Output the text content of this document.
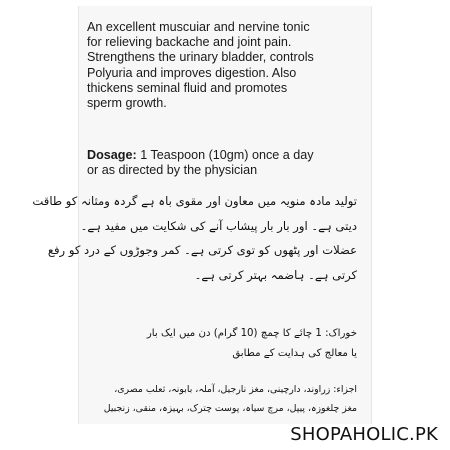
An excellent muscuiar and nervine tonic
for relieving backache and joint pain.
Strengthens the urinary bladder, controls
Polyuria and improves digestion. Also
thickens seminal fluid and promotes
sperm growth.

Dosage: 1 Teaspoon (10gm) once a day
or as directed by the physician

تولید مادہ منویہ میں معاون اور مقوی باہ ہے گردہ ومثانہ کو طاقت
دیتی ہے۔ اور بار بار پیشاب آنے کی شکایت میں مفید ہے۔
عضلات اور پٹھوں کو توی کرتی ہے۔ کمر وجوڑوں کے درد کو رفع
کرتی ہے۔ ہاضمہ بہتر کرتی ہے۔

خوراک: 1 چائے کا چمچ (10 گرام) دن میں ایک بار
یا معالج کی ہدایت کے مطابق

اجزاء: زراوند، دارچینی، مغز نارجیل، آملہ، بابونہ، ثعلب مصری،
مغز چلغوزہ، پیپل، مرچ سیاہ، پوست چترک، بہیزہ، منقی، زنجبیل

SHOPAHOLIC.PK
